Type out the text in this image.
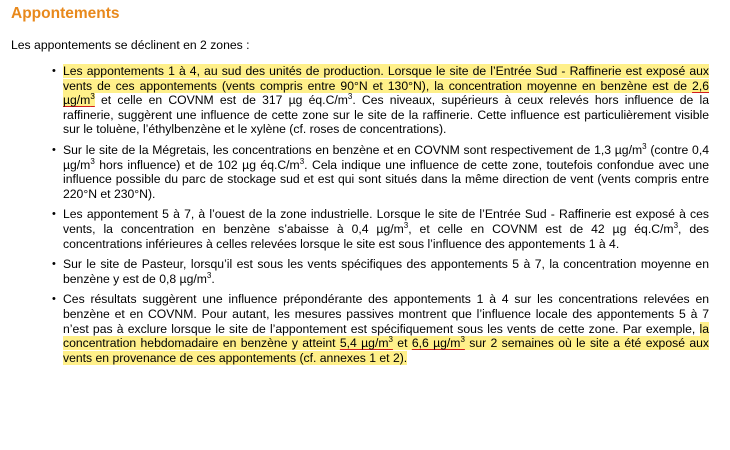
Appontements

Les appontements se déclinent en 2 zones :

• Les appontements 1 à 4, au sud des unités de production. Lorsque le site de l’Entrée Sud - Raffinerie est exposé aux vents de ces appontements (vents compris entre 90°N et 130°N), la concentration moyenne en benzène est de 2,6 $\mu g/m^3$ et celle en COVNM est de 317 µg $éq.C/m^3$. Ces niveaux, supérieurs à ceux relevés hors influence de la raffinerie, suggèrent une influence de cette zone sur le site de la raffinerie. Cette influence est particulièrement visible sur le toluène, l’éthylbenzène et le xylène (cf. roses de concentrations).
• Sur le site de la Mégretais, les concentrations en benzène et en COVNM sont respectivement de 1,3 $\mu g/m^3$ (contre 0,4 $\mu g/m^3$ hors influence) et de 102 µg $éq.C/m^3$. Cela indique une influence de cette zone, toutefois confondue avec une influence possible du parc de stockage sud et est qui sont situés dans la même direction de vent (vents compris entre 220°N et 230°N).
• Les appontement 5 à 7, à l’ouest de la zone industrielle. Lorsque le site de l’Entrée Sud - Raffinerie est exposé à ces vents, la concentration en benzène s’abaisse à 0,4 $\mu g/m^3$, et celle en COVNM est de 42 µg $éq.C/m^3$, des concentrations inférieures à celles relevées lorsque le site est sous l’influence des appontements 1 à 4.
• Sur le site de Pasteur, lorsqu’il est sous les vents spécifiques des appontements 5 à 7, la concentration moyenne en benzène y est de 0,8 $\mu g/m^3$.
• Ces résultats suggèrent une influence prépondérante des appontements 1 à 4 sur les concentrations relevées en benzène et en COVNM. Pour autant, les mesures passives montrent que l’influence locale des appontements 5 à 7 n’est pas à exclure lorsque le site de l’appontement est spécifiquement sous les vents de cette zone. Par exemple, la concentration hebdomadaire en benzène y atteint 5,4 $\mu g/m^3$ et 6,6 $\mu g/m^3$ sur 2 semaines où le site a été exposé aux vents en provenance de ces appontements (cf. annexes 1 et 2).
